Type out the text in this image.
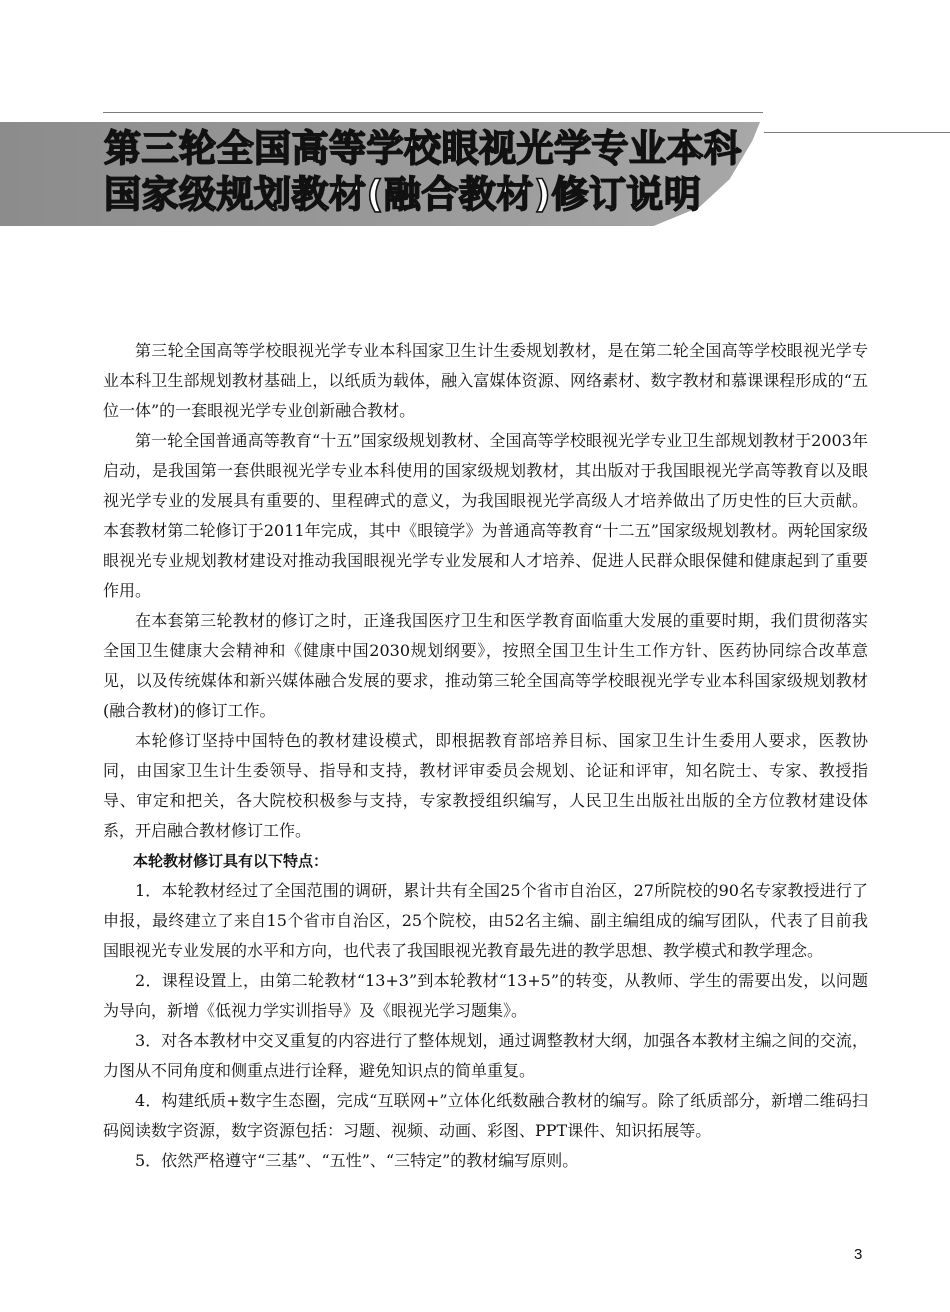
第三轮全国高等学校眼视光学专业本科
国家级规划教材(融合教材)修订说明

第三轮全国高等学校眼视光学专业本科国家卫生计生委规划教材，是在第二轮全国高等学校眼视光学专业本科卫生部规划教材基础上，以纸质为载体，融入富媒体资源、网络素材、数字教材和慕课课程形成的“五位一体”的一套眼视光学专业创新融合教材。

第一轮全国普通高等教育“十五”国家级规划教材、全国高等学校眼视光学专业卫生部规划教材于2003年启动，是我国第一套供眼视光学专业本科使用的国家级规划教材，其出版对于我国眼视光学高等教育以及眼视光学专业的发展具有重要的、里程碑式的意义，为我国眼视光学高级人才培养做出了历史性的巨大贡献。本套教材第二轮修订于2011年完成，其中《眼镜学》为普通高等教育“十二五”国家级规划教材。两轮国家级眼视光专业规划教材建设对推动我国眼视光学专业发展和人才培养、促进人民群众眼保健和健康起到了重要作用。

在本套第三轮教材的修订之时，正逢我国医疗卫生和医学教育面临重大发展的重要时期，我们贯彻落实全国卫生健康大会精神和《健康中国2030规划纲要》，按照全国卫生计生工作方针、医药协同综合改革意见，以及传统媒体和新兴媒体融合发展的要求，推动第三轮全国高等学校眼视光学专业本科国家级规划教材(融合教材)的修订工作。

本轮修订坚持中国特色的教材建设模式，即根据教育部培养目标、国家卫生计生委用人要求，医教协同，由国家卫生计生委领导、指导和支持，教材评审委员会规划、论证和评审，知名院士、专家、教授指导、审定和把关，各大院校积极参与支持，专家教授组织编写，人民卫生出版社出版的全方位教材建设体系，开启融合教材修订工作。

本轮教材修订具有以下特点：

1．本轮教材经过了全国范围的调研，累计共有全国25个省市自治区，27所院校的90名专家教授进行了申报，最终建立了来自15个省市自治区，25个院校，由52名主编、副主编组成的编写团队，代表了目前我国眼视光专业发展的水平和方向，也代表了我国眼视光教育最先进的教学思想、教学模式和教学理念。

2．课程设置上，由第二轮教材“13+3”到本轮教材“13+5”的转变，从教师、学生的需要出发，以问题为导向，新增《低视力学实训指导》及《眼视光学习题集》。

3．对各本教材中交叉重复的内容进行了整体规划，通过调整教材大纲，加强各本教材主编之间的交流，力图从不同角度和侧重点进行诠释，避免知识点的简单重复。

4．构建纸质+数字生态圈，完成“互联网+”立体化纸数融合教材的编写。除了纸质部分，新增二维码扫码阅读数字资源，数字资源包括：习题、视频、动画、彩图、PPT课件、知识拓展等。

5．依然严格遵守“三基”、“五性”、“三特定”的教材编写原则。

3
